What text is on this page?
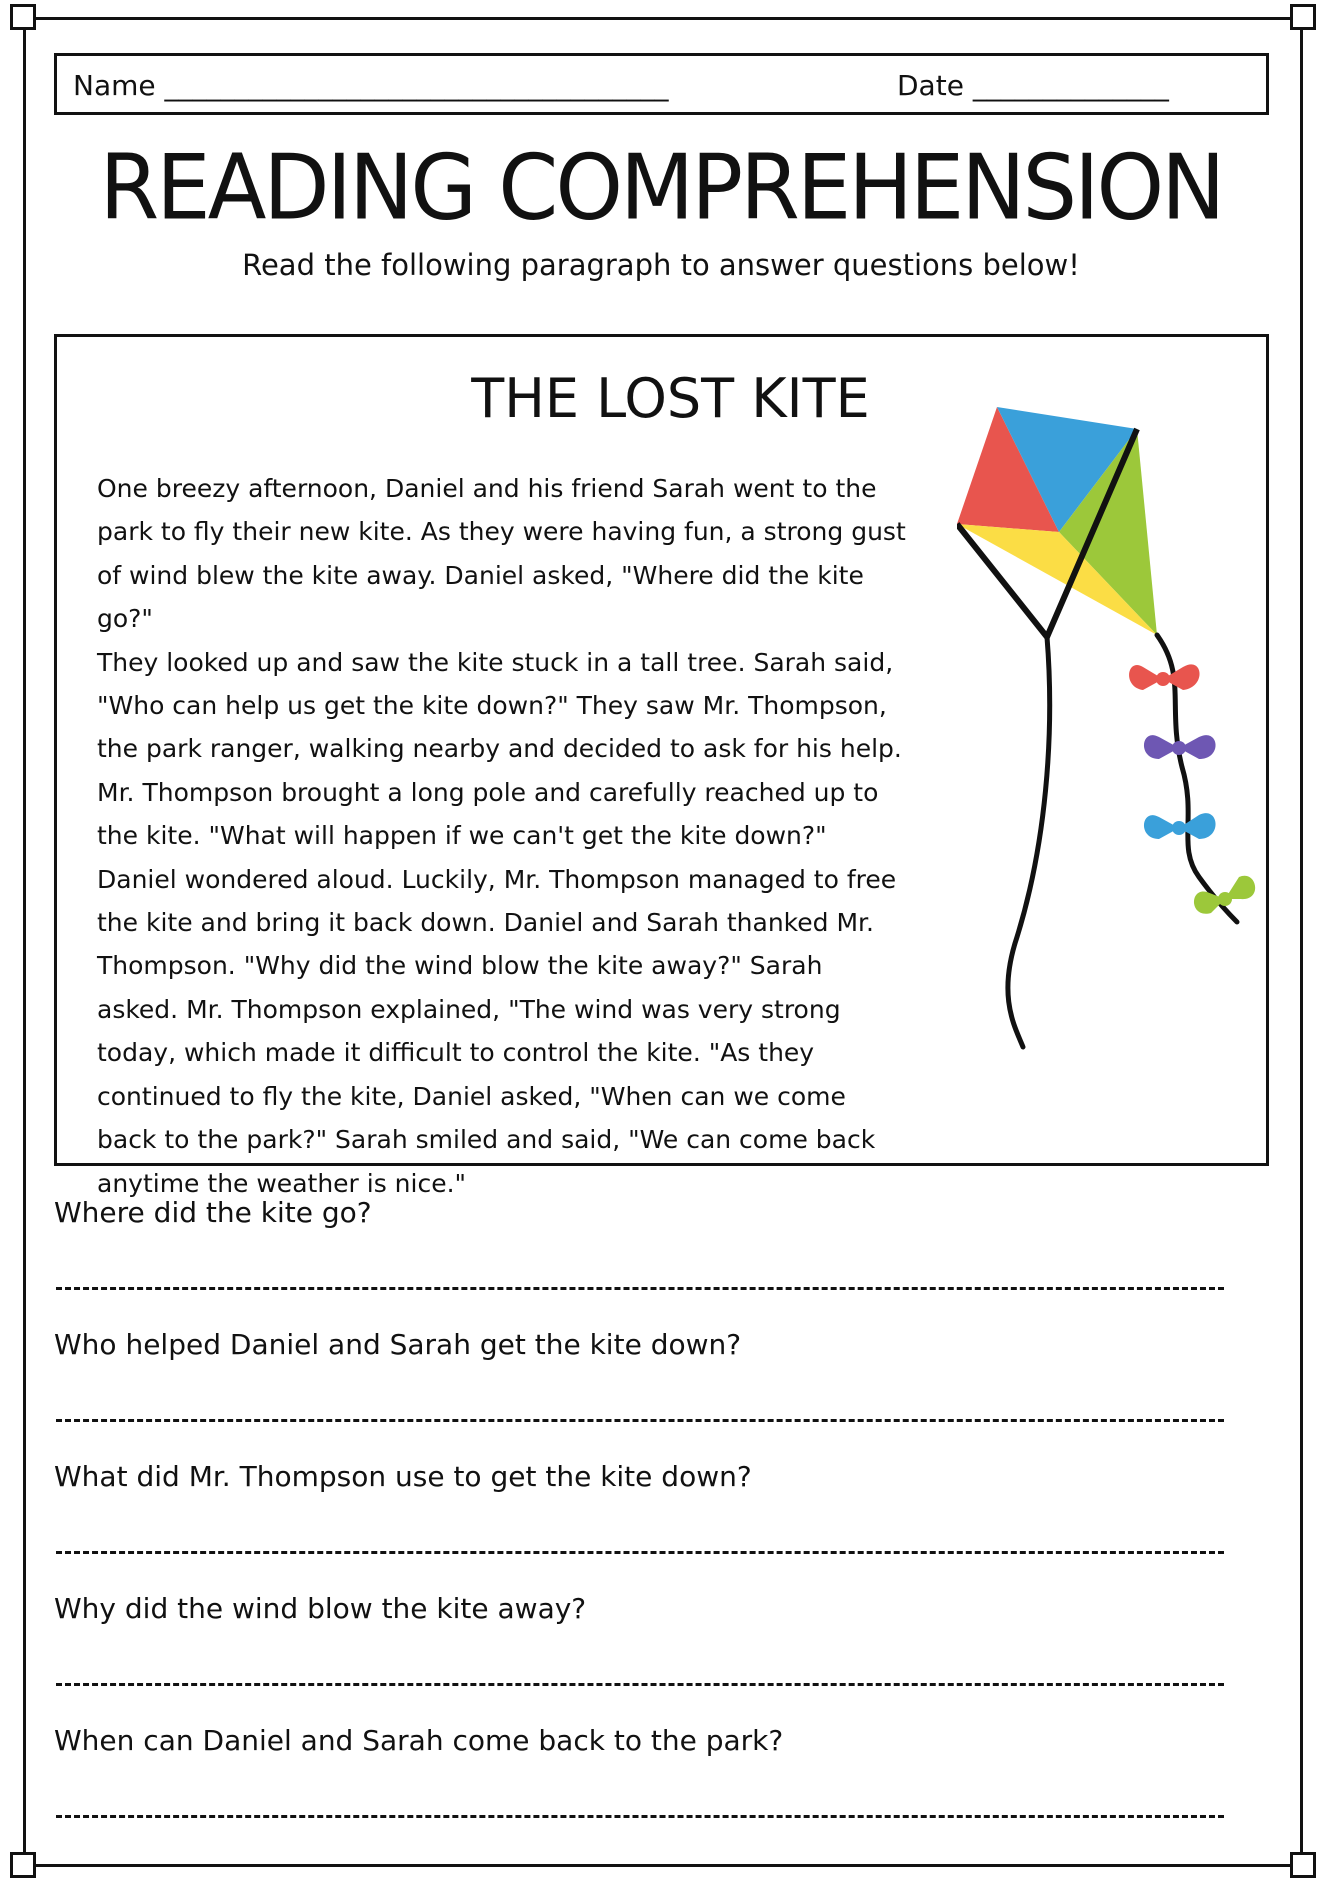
Name ____________________________________	Date ______________
READING COMPREHENSION
Read the following paragraph to answer questions below!
THE LOST KITE

One breezy afternoon, Daniel and his friend Sarah went to the park to fly their new kite. As they were having fun, a strong gust of wind blew the kite away. Daniel asked, "Where did the kite go?"

They looked up and saw the kite stuck in a tall tree. Sarah said, "Who can help us get the kite down?" They saw Mr. Thompson, the park ranger, walking nearby and decided to ask for his help. Mr. Thompson brought a long pole and carefully reached up to the kite. "What will happen if we can't get the kite down?" Daniel wondered aloud. Luckily, Mr. Thompson managed to free the kite and bring it back down. Daniel and Sarah thanked Mr. Thompson. "Why did the wind blow the kite away?" Sarah asked. Mr. Thompson explained, "The wind was very strong today, which made it difficult to control the kite. "As they continued to fly the kite, Daniel asked, "When can we come back to the park?" Sarah smiled and said, "We can come back anytime the weather is nice."

Where did the kite go?
Who helped Daniel and Sarah get the kite down?
What did Mr. Thompson use to get the kite down?
Why did the wind blow the kite away?
When can Daniel and Sarah come back to the park?
